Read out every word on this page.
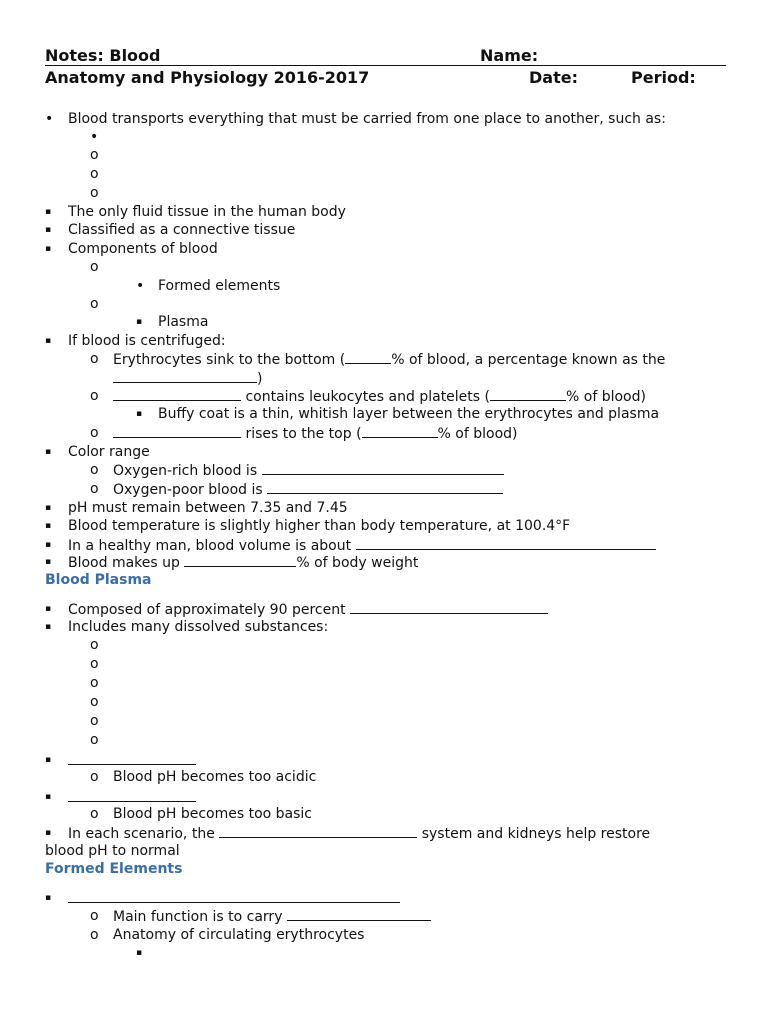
Notes: Blood	Name:
Anatomy and Physiology 2016-2017	Date:	Period:
• Blood transports everything that must be carried from one place to another, such as:
•
o
o
o
▪ The only fluid tissue in the human body
▪ Classified as a connective tissue
▪ Components of blood
o
• Formed elements
o
▪ Plasma
▪ If blood is centrifuged:
o Erythrocytes sink to the bottom (	% of blood, a percentage known as the
)
o	contains leukocytes and platelets (	% of blood)
▪ Buffy coat is a thin, whitish layer between the erythrocytes and plasma
o	rises to the top (	% of blood)
▪ Color range
o Oxygen-rich blood is
o Oxygen-poor blood is
▪ pH must remain between 7.35 and 7.45
▪ Blood temperature is slightly higher than body temperature, at 100.4°F
▪ In a healthy man, blood volume is about
▪ Blood makes up	% of body weight
Blood Plasma
▪ Composed of approximately 90 percent
▪ Includes many dissolved substances:
o
o
o
o
o
o
▪
o Blood pH becomes too acidic
▪
o Blood pH becomes too basic
▪ In each scenario, the	system and kidneys help restore
blood pH to normal
Formed Elements
▪
o Main function is to carry
o Anatomy of circulating erythrocytes
▪
